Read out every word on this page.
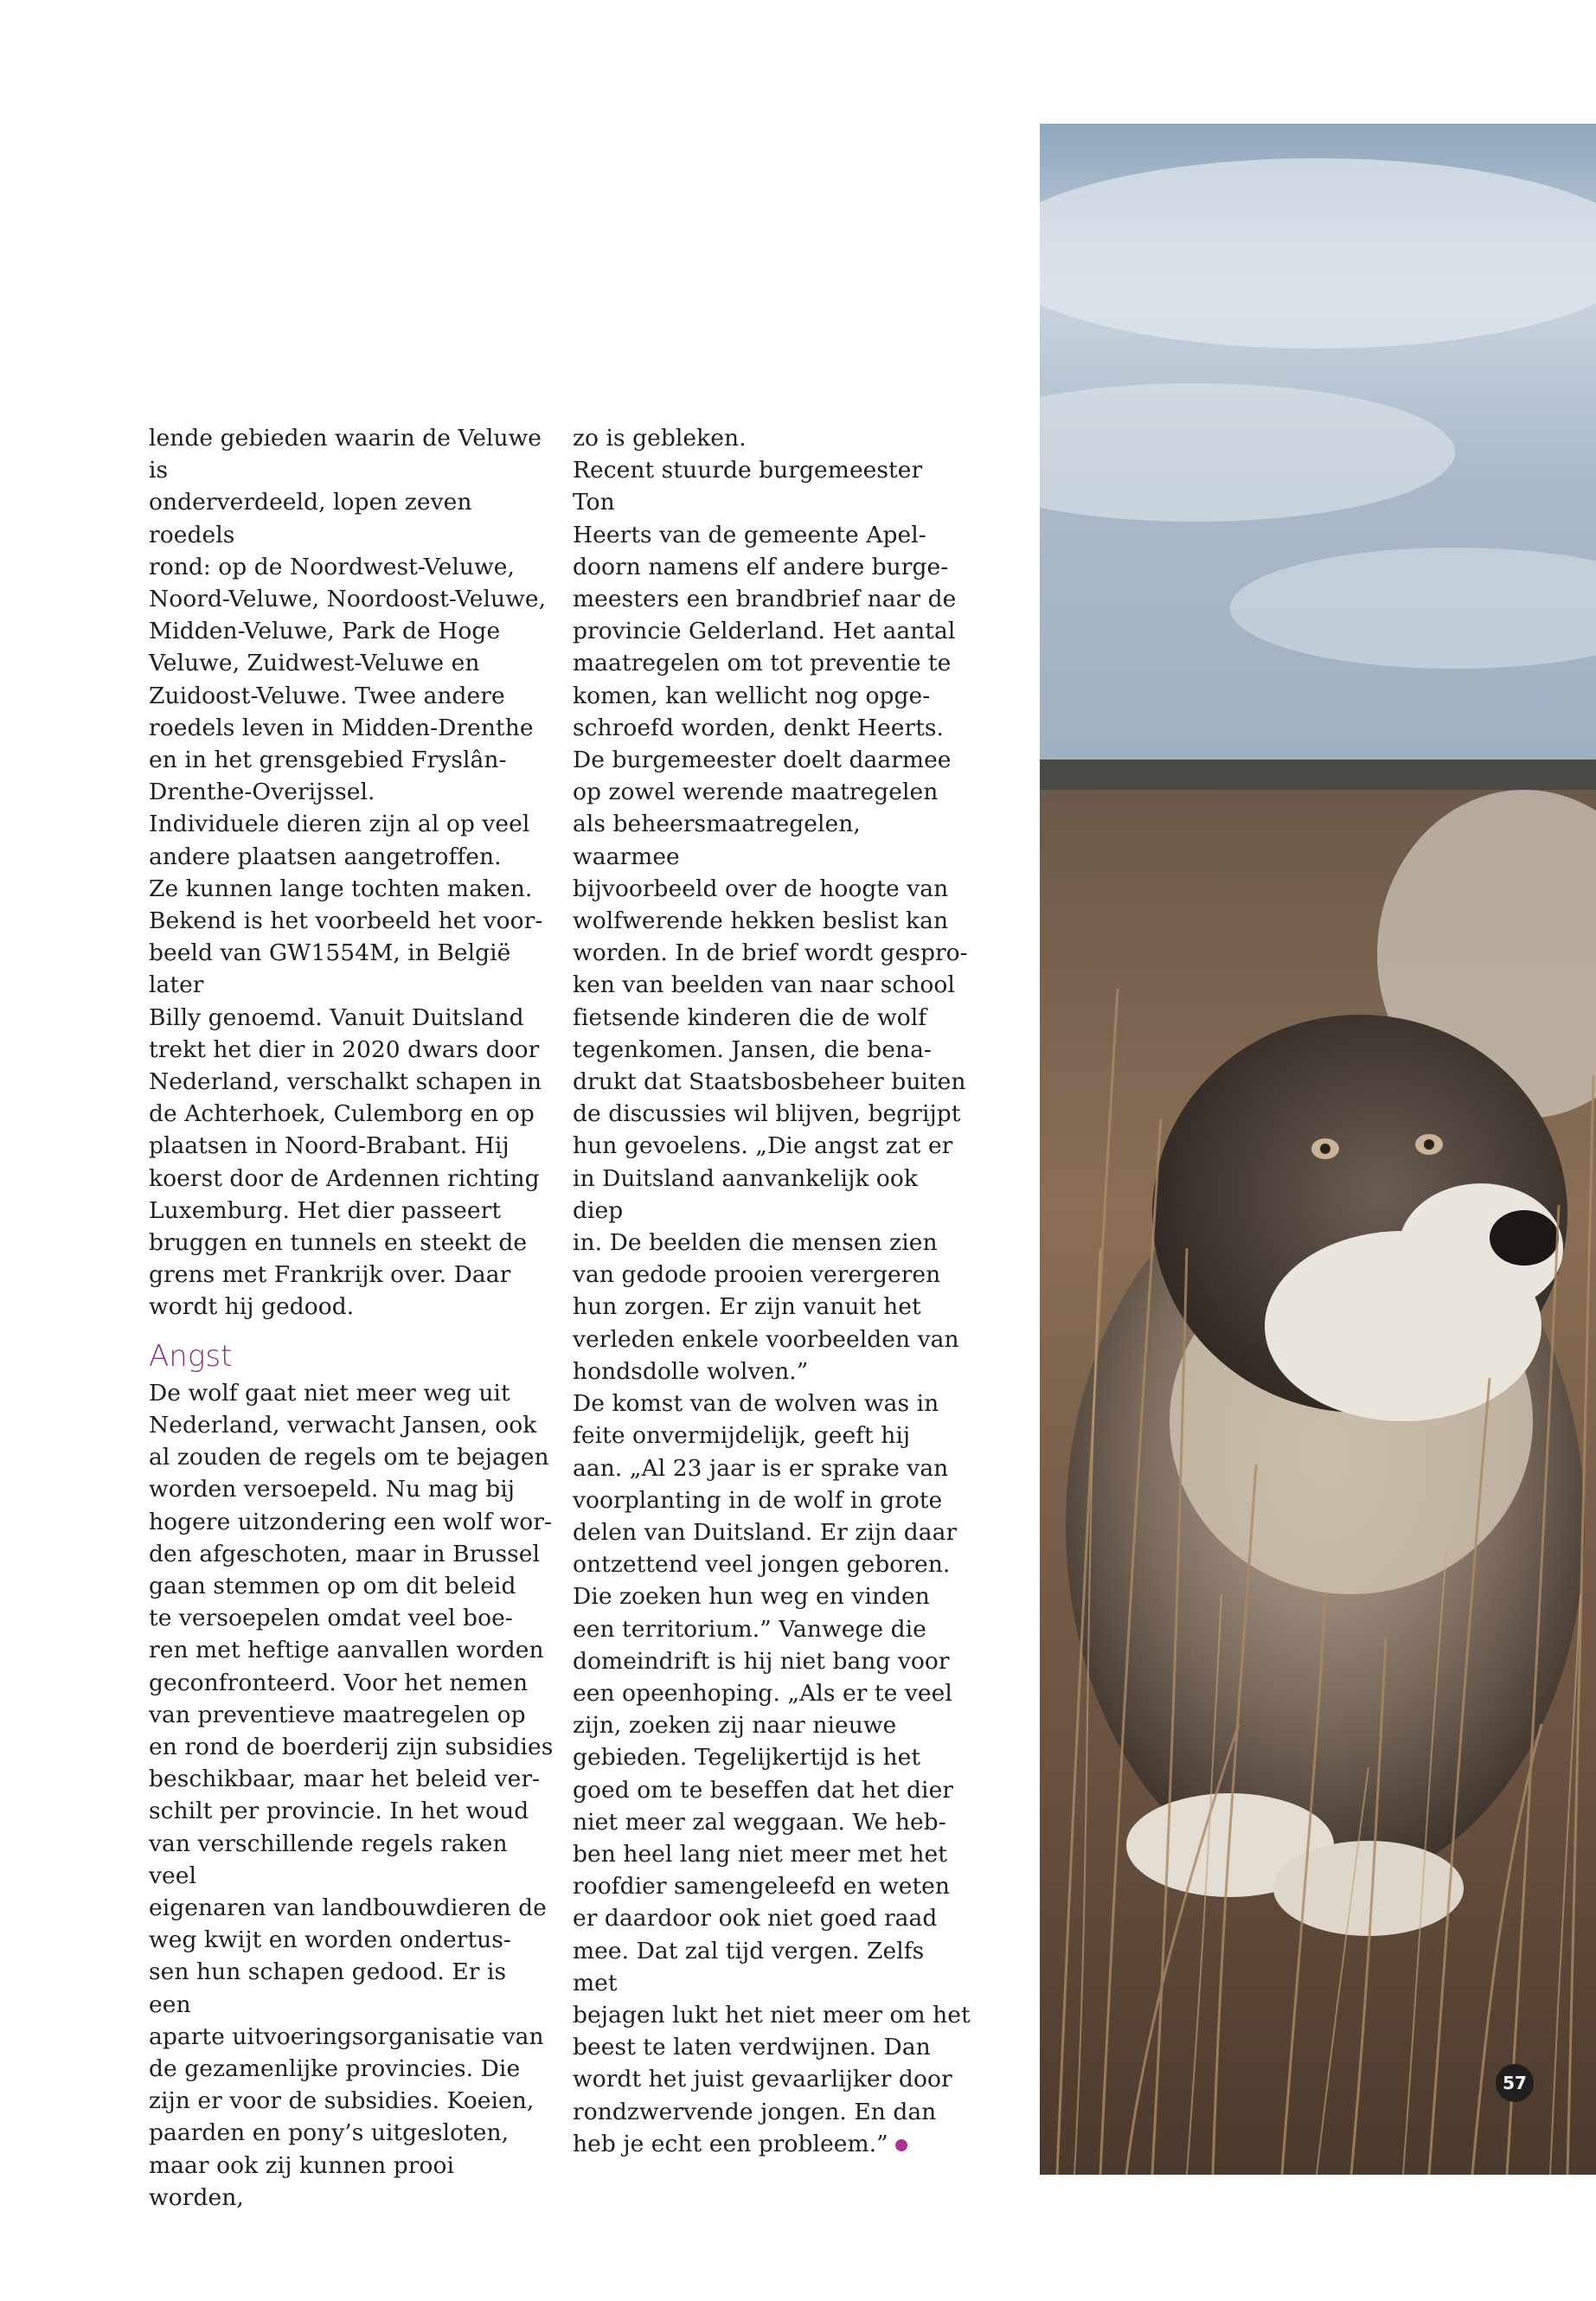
lende gebieden waarin de Veluwe is

onderverdeeld, lopen zeven roedels

rond: op de Noordwest-Veluwe,

Noord-Veluwe, Noordoost-Veluwe,

Midden-Veluwe, Park de Hoge

Veluwe, Zuidwest-Veluwe en

Zuidoost-Veluwe. Twee andere

roedels leven in Midden-Drenthe

en in het grensgebied Fryslân-

Drenthe-Overijssel.

Individuele dieren zijn al op veel

andere plaatsen aangetroffen.

Ze kunnen lange tochten maken.

Bekend is het voorbeeld het voor-

beeld van GW1554M, in België later

Billy genoemd. Vanuit Duitsland

trekt het dier in 2020 dwars door

Nederland, verschalkt schapen in

de Achterhoek, Culemborg en op

plaatsen in Noord-Brabant. Hij

koerst door de Ardennen richting

Luxemburg. Het dier passeert

bruggen en tunnels en steekt de

grens met Frankrijk over. Daar

wordt hij gedood.

Angst

De wolf gaat niet meer weg uit

Nederland, verwacht Jansen, ook

al zouden de regels om te bejagen

worden versoepeld. Nu mag bij

hogere uitzondering een wolf wor-

den afgeschoten, maar in Brussel

gaan stemmen op om dit beleid

te versoepelen omdat veel boe-

ren met heftige aanvallen worden

geconfronteerd. Voor het nemen

van preventieve maatregelen op

en rond de boerderij zijn subsidies

beschikbaar, maar het beleid ver-

schilt per provincie. In het woud

van verschillende regels raken veel

eigenaren van landbouwdieren de

weg kwijt en worden ondertus-

sen hun schapen gedood. Er is een

aparte uitvoeringsorganisatie van

de gezamenlijke provincies. Die

zijn er voor de subsidies. Koeien,

paarden en pony’s uitgesloten,

maar ook zij kunnen prooi worden,

zo is gebleken.

Recent stuurde burgemeester Ton

Heerts van de gemeente Apel-

doorn namens elf andere burge-

meesters een brandbrief naar de

provincie Gelderland. Het aantal

maatregelen om tot preventie te

komen, kan wellicht nog opge-

schroefd worden, denkt Heerts.

De burgemeester doelt daarmee

op zowel werende maatregelen

als beheersmaatregelen, waarmee

bijvoorbeeld over de hoogte van

wolfwerende hekken beslist kan

worden. In de brief wordt gespro-

ken van beelden van naar school

fietsende kinderen die de wolf

tegenkomen. Jansen, die bena-

drukt dat Staatsbosbeheer buiten

de discussies wil blijven, begrijpt

hun gevoelens. „Die angst zat er

in Duitsland aanvankelijk ook diep

in. De beelden die mensen zien

van gedode prooien verergeren

hun zorgen. Er zijn vanuit het

verleden enkele voorbeelden van

hondsdolle wolven.”

De komst van de wolven was in

feite onvermijdelijk, geeft hij

aan. „Al 23 jaar is er sprake van

voorplanting in de wolf in grote

delen van Duitsland. Er zijn daar

ontzettend veel jongen geboren.

Die zoeken hun weg en vinden

een territorium.” Vanwege die

domeindrift is hij niet bang voor

een opeenhoping. „Als er te veel

zijn, zoeken zij naar nieuwe

gebieden. Tegelijkertijd is het

goed om te beseffen dat het dier

niet meer zal weggaan. We heb-

ben heel lang niet meer met het

roofdier samengeleefd en weten

er daardoor ook niet goed raad

mee. Dat zal tijd vergen. Zelfs met

bejagen lukt het niet meer om het

beest te laten verdwijnen. Dan

wordt het juist gevaarlijker door

rondzwervende jongen. En dan

heb je echt een probleem.”

57
